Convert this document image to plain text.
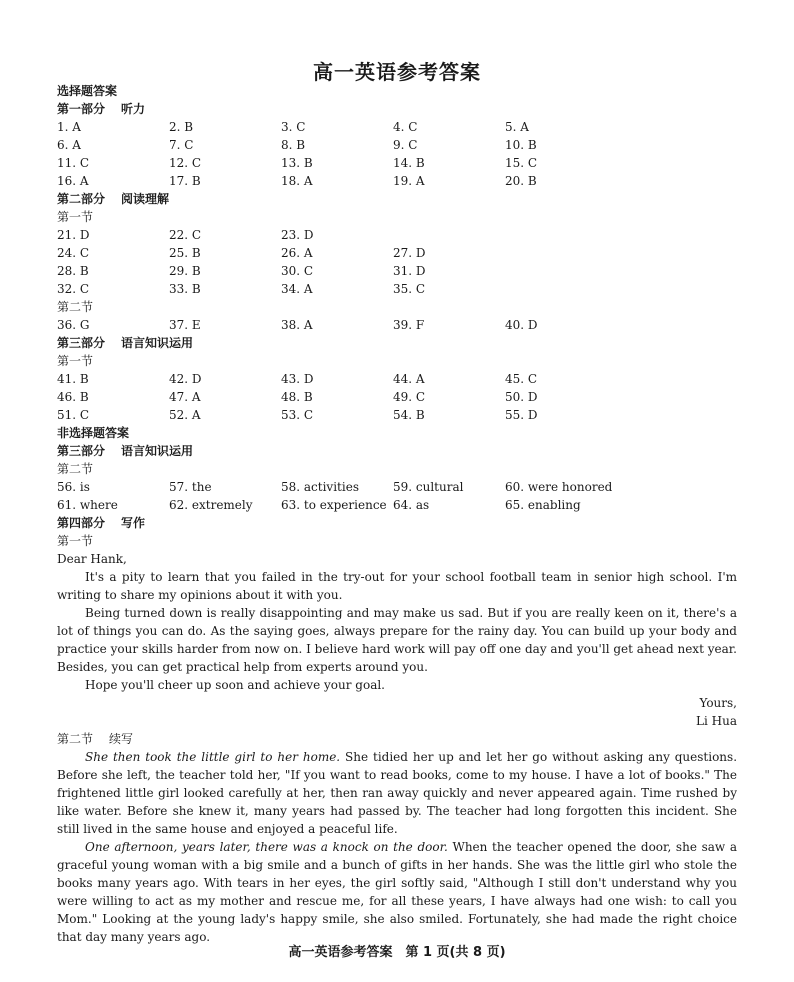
高一英语参考答案
选择题答案
第一部分 听力
1. A	2. B	3. C	4. C	5. A
6. A	7. C	8. B	9. C	10. B
11. C	12. C	13. B	14. B	15. C
16. A	17. B	18. A	19. A	20. B
第二部分 阅读理解
第一节
21. D	22. C	23. D
24. C	25. B	26. A	27. D
28. B	29. B	30. C	31. D
32. C	33. B	34. A	35. C
第二节
36. G	37. E	38. A	39. F	40. D
第三部分 语言知识运用
第一节
41. B	42. D	43. D	44. A	45. C
46. B	47. A	48. B	49. C	50. D
51. C	52. A	53. C	54. B	55. D
非选择题答案
第三部分 语言知识运用
第二节
56. is	57. the	58. activities	59. cultural	60. were honored
61. where	62. extremely	63. to experience 64. as	65. enabling
第四部分 写作
第一节

Dear Hank,

It's a pity to learn that you failed in the try-out for your school football team in senior high school. I'm writing to share my opinions about it with you.

Being turned down is really disappointing and may make us sad. But if you are really keen on it, there's a lot of things you can do. As the saying goes, always prepare for the rainy day. You can build up your body and practice your skills harder from now on. I believe hard work will pay off one day and you'll get ahead next year. Besides, you can get practical help from experts around you.

Hope you'll cheer up soon and achieve your goal.

Yours,

Li Hua

第二节 续写

She then took the little girl to her home. She tidied her up and let her go without asking any questions. Before she left, the teacher told her, "If you want to read books, come to my house. I have a lot of books." The frightened little girl looked carefully at her, then ran away quickly and never appeared again. Time rushed by like water. Before she knew it, many years had passed by. The teacher had long forgotten this incident. She still lived in the same house and enjoyed a peaceful life.

One afternoon, years later, there was a knock on the door. When the teacher opened the door, she saw a graceful young woman with a big smile and a bunch of gifts in her hands. She was the little girl who stole the books many years ago. With tears in her eyes, the girl softly said, "Although I still don't understand why you were willing to act as my mother and rescue me, for all these years, I have always had one wish: to call you Mom." Looking at the young lady's happy smile, she also smiled. Fortunately, she had made the right choice that day many years ago.

高一英语参考答案　第 1 页(共 8 页)
